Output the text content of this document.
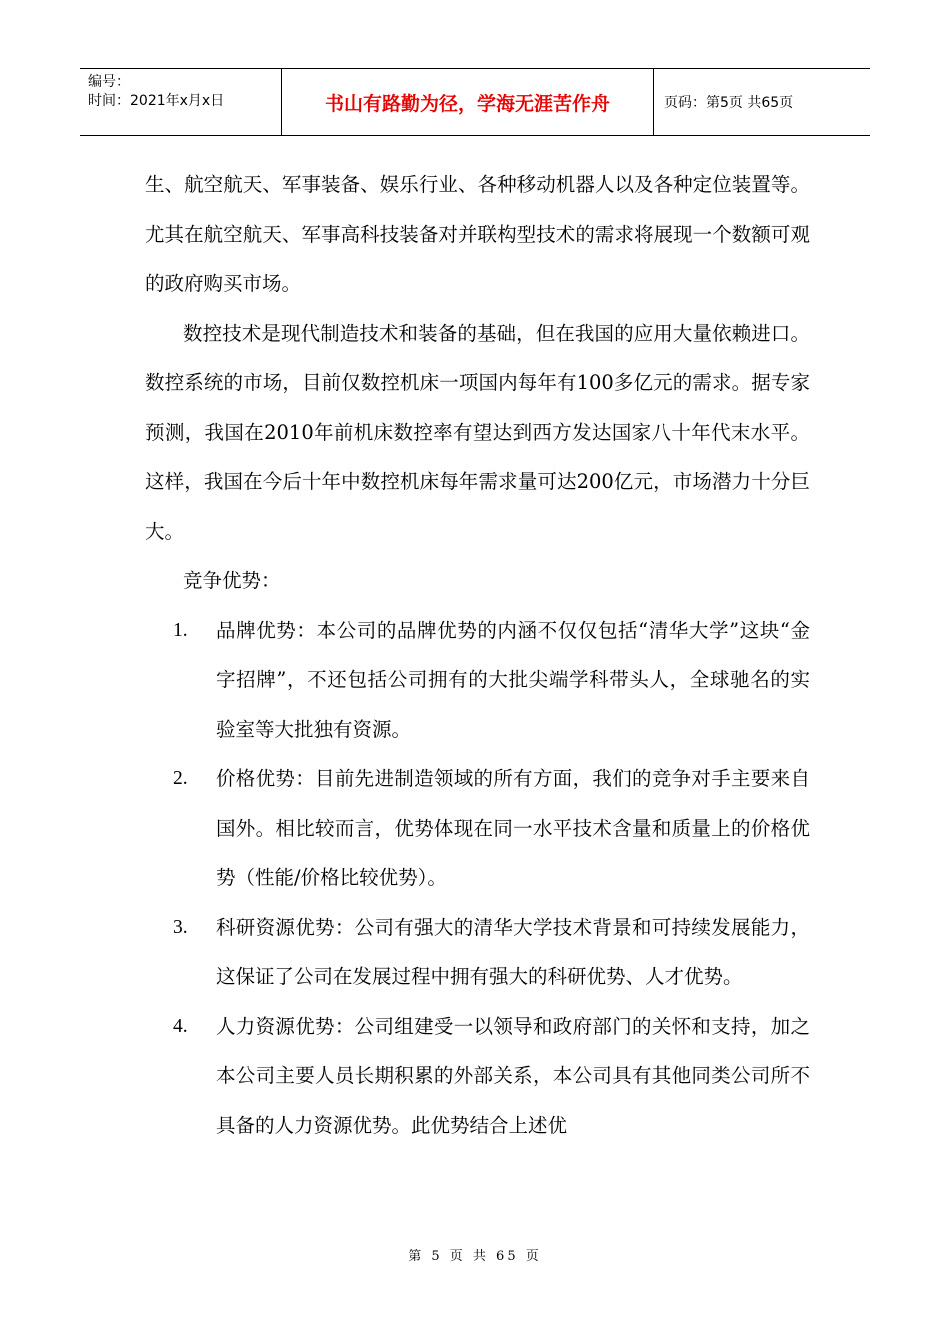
编号：
时间：2021年x月x日	书山有路勤为径，学海无涯苦作舟	页码：第5页 共65页

生、航空航天、军事装备、娱乐行业、各种移动机器人以及各种定位装置等。尤其在航空航天、军事高科技装备对并联构型技术的需求将展现一个数额可观的政府购买市场。

数控技术是现代制造技术和装备的基础，但在我国的应用大量依赖进口。数控系统的市场，目前仅数控机床一项国内每年有100多亿元的需求。据专家预测，我国在2010年前机床数控率有望达到西方发达国家八十年代末水平。这样，我国在今后十年中数控机床每年需求量可达200亿元，市场潜力十分巨大。

竞争优势：

1.	品牌优势：本公司的品牌优势的内涵不仅仅包括“清华大学”这块“金字招牌”，不还包括公司拥有的大批尖端学科带头人，全球驰名的实验室等大批独有资源。
2.	价格优势：目前先进制造领域的所有方面，我们的竞争对手主要来自国外。相比较而言，优势体现在同一水平技术含量和质量上的价格优势（性能/价格比较优势）。
3.	科研资源优势：公司有强大的清华大学技术背景和可持续发展能力，这保证了公司在发展过程中拥有强大的科研优势、人才优势。
4.	人力资源优势：公司组建受一以领导和政府部门的关怀和支持，加之本公司主要人员长期积累的外部关系，本公司具有其他同类公司所不具备的人力资源优势。此优势结合上述优
第 5 页 共 65 页
